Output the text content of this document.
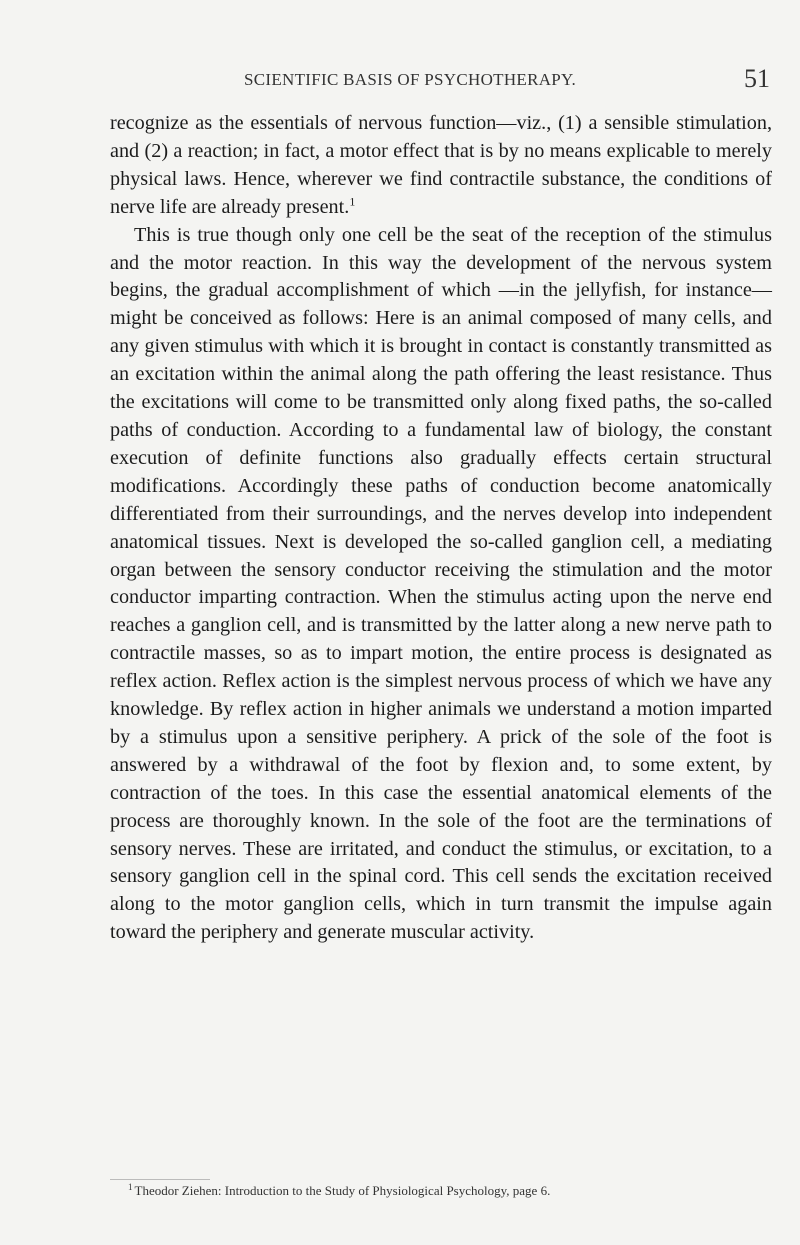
SCIENTIFIC BASIS OF PSYCHOTHERAPY.	51

recognize as the essentials of nervous function—viz., (1) a sensible stimulation, and (2) a reaction; in fact, a motor effect that is by no means explicable to merely physical laws. Hence, wherever we find contractile substance, the conditions of nerve life are already present.$^1$

This is true though only one cell be the seat of the reception of the stimulus and the motor reaction. In this way the development of the nervous system begins, the gradual accomplishment of which —in the jellyfish, for instance—might be conceived as follows: Here is an animal composed of many cells, and any given stimulus with which it is brought in contact is constantly transmitted as an excitation within the animal along the path offering the least resistance. Thus the excitations will come to be transmitted only along fixed paths, the so-called paths of conduction. According to a fundamental law of biology, the constant execution of definite functions also gradually effects certain structural modifications. Accordingly these paths of conduction become anatomically differentiated from their surroundings, and the nerves develop into independent anatomical tissues. Next is developed the so-called ganglion cell, a mediating organ between the sensory conductor receiving the stimulation and the motor conductor imparting contraction. When the stimulus acting upon the nerve end reaches a ganglion cell, and is transmitted by the latter along a new nerve path to contractile masses, so as to impart motion, the entire process is designated as reflex action. Reflex action is the simplest nervous process of which we have any knowledge. By reflex action in higher animals we understand a motion imparted by a stimulus upon a sensitive periphery. A prick of the sole of the foot is answered by a withdrawal of the foot by flexion and, to some extent, by contraction of the toes. In this case the essential anatomical elements of the process are thoroughly known. In the sole of the foot are the terminations of sensory nerves. These are irritated, and conduct the stimulus, or excitation, to a sensory ganglion cell in the spinal cord. This cell sends the excitation received along to the motor ganglion cells, which in turn transmit the impulse again toward the periphery and generate muscular activity.

$^1$ Theodor Ziehen: Introduction to the Study of Physiological Psychology, page 6.
